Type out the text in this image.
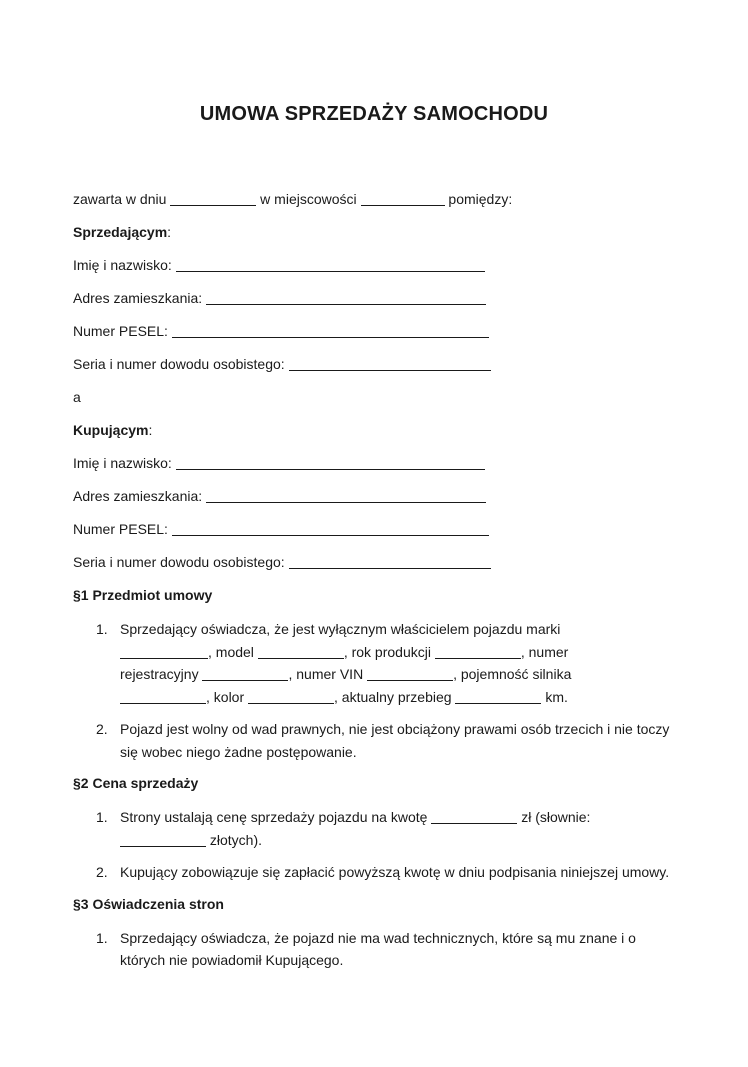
UMOWA SPRZEDAŻY SAMOCHODU
zawarta w dniu	w miejscowości	pomiędzy:
Sprzedającym:
Imię i nazwisko:
Adres zamieszkania:
Numer PESEL:
Seria i numer dowodu osobistego:
a
Kupującym:
Imię i nazwisko:
Adres zamieszkania:
Numer PESEL:
Seria i numer dowodu osobistego:
§1 Przedmiot umowy
1. Sprzedający oświadcza, że jest wyłącznym właścicielem pojazdu marki
, model	, rok produkcji	, numer
rejestracyjny	, numer VIN	, pojemność silnika
, kolor	, aktualny przebieg	km.
2. Pojazd jest wolny od wad prawnych, nie jest obciążony prawami osób trzecich i nie toczy się wobec niego żadne postępowanie.
§2 Cena sprzedaży
1. Strony ustalają cenę sprzedaży pojazdu na kwotę	zł (słownie:
złotych).
2. Kupujący zobowiązuje się zapłacić powyższą kwotę w dniu podpisania niniejszej umowy.
§3 Oświadczenia stron
1. Sprzedający oświadcza, że pojazd nie ma wad technicznych, które są mu znane i o których nie powiadomił Kupującego.
